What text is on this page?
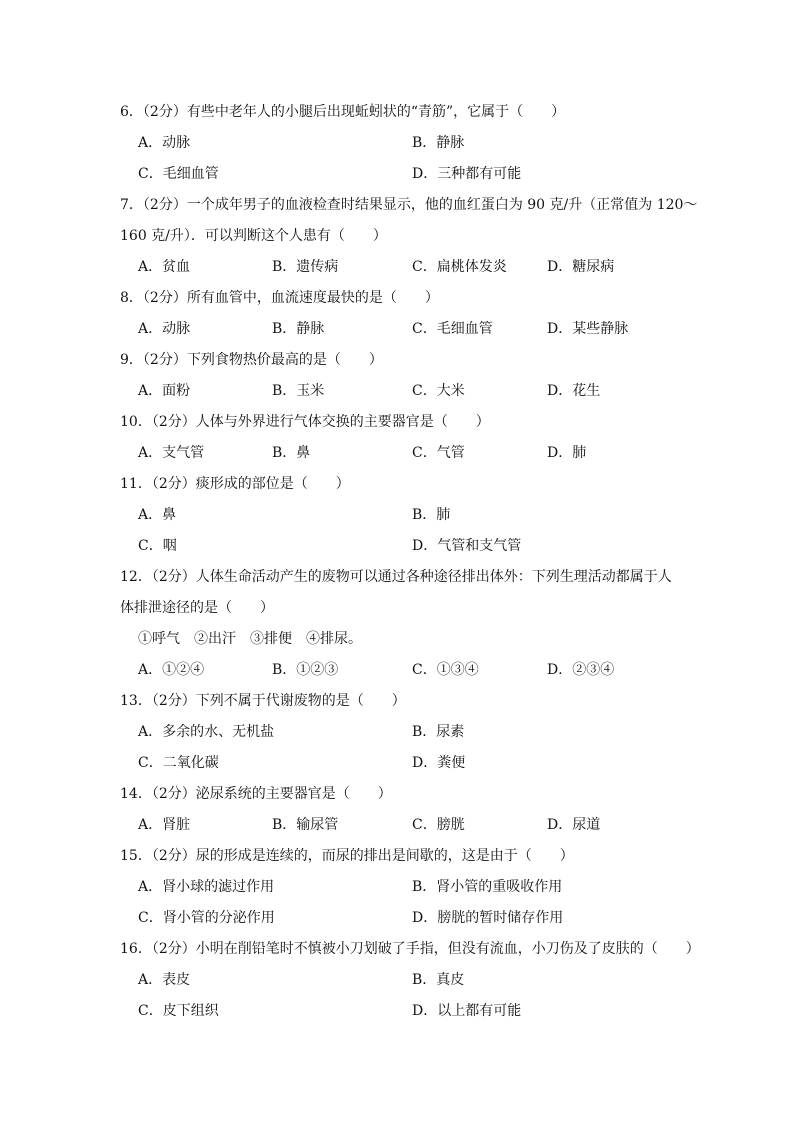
6．（2分）有些中老年人的小腿后出现蚯蚓状的“青筋”，它属于（　　）
A．动脉	B．静脉
C．毛细血管	D．三种都有可能
7．（2分）一个成年男子的血液检查时结果显示，他的血红蛋白为 90 克/升（正常值为 120～
160 克/升）．可以判断这个人患有（　　）
A．贫血	B．遗传病	C．扁桃体发炎	D．糖尿病
8．（2分）所有血管中，血流速度最快的是（　　）
A．动脉	B．静脉	C．毛细血管	D．某些静脉
9．（2分）下列食物热价最高的是（　　）
A．面粉	B．玉米	C．大米	D．花生
10．（2分）人体与外界进行气体交换的主要器官是（　　）
A．支气管	B．鼻	C．气管	D．肺
11．（2分）痰形成的部位是（　　）
A．鼻	B．肺
C．咽	D．气管和支气管
12．（2分）人体生命活动产生的废物可以通过各种途径排出体外：下列生理活动都属于人
体排泄途径的是（　　）
①呼气　②出汗　③排便　④排尿。
A．①②④	B．①②③	C．①③④	D．②③④
13．（2分）下列不属于代谢废物的是（　　）
A．多余的水、无机盐	B．尿素
C．二氧化碳	D．粪便
14．（2分）泌尿系统的主要器官是（　　）
A．肾脏	B．输尿管	C．膀胱	D．尿道
15．（2分）尿的形成是连续的，而尿的排出是间歇的，这是由于（　　）
A．肾小球的滤过作用	B．肾小管的重吸收作用
C．肾小管的分泌作用	D．膀胱的暂时储存作用
16．（2分）小明在削铅笔时不慎被小刀划破了手指，但没有流血，小刀伤及了皮肤的（　　）
A．表皮	B．真皮
C．皮下组织	D．以上都有可能
